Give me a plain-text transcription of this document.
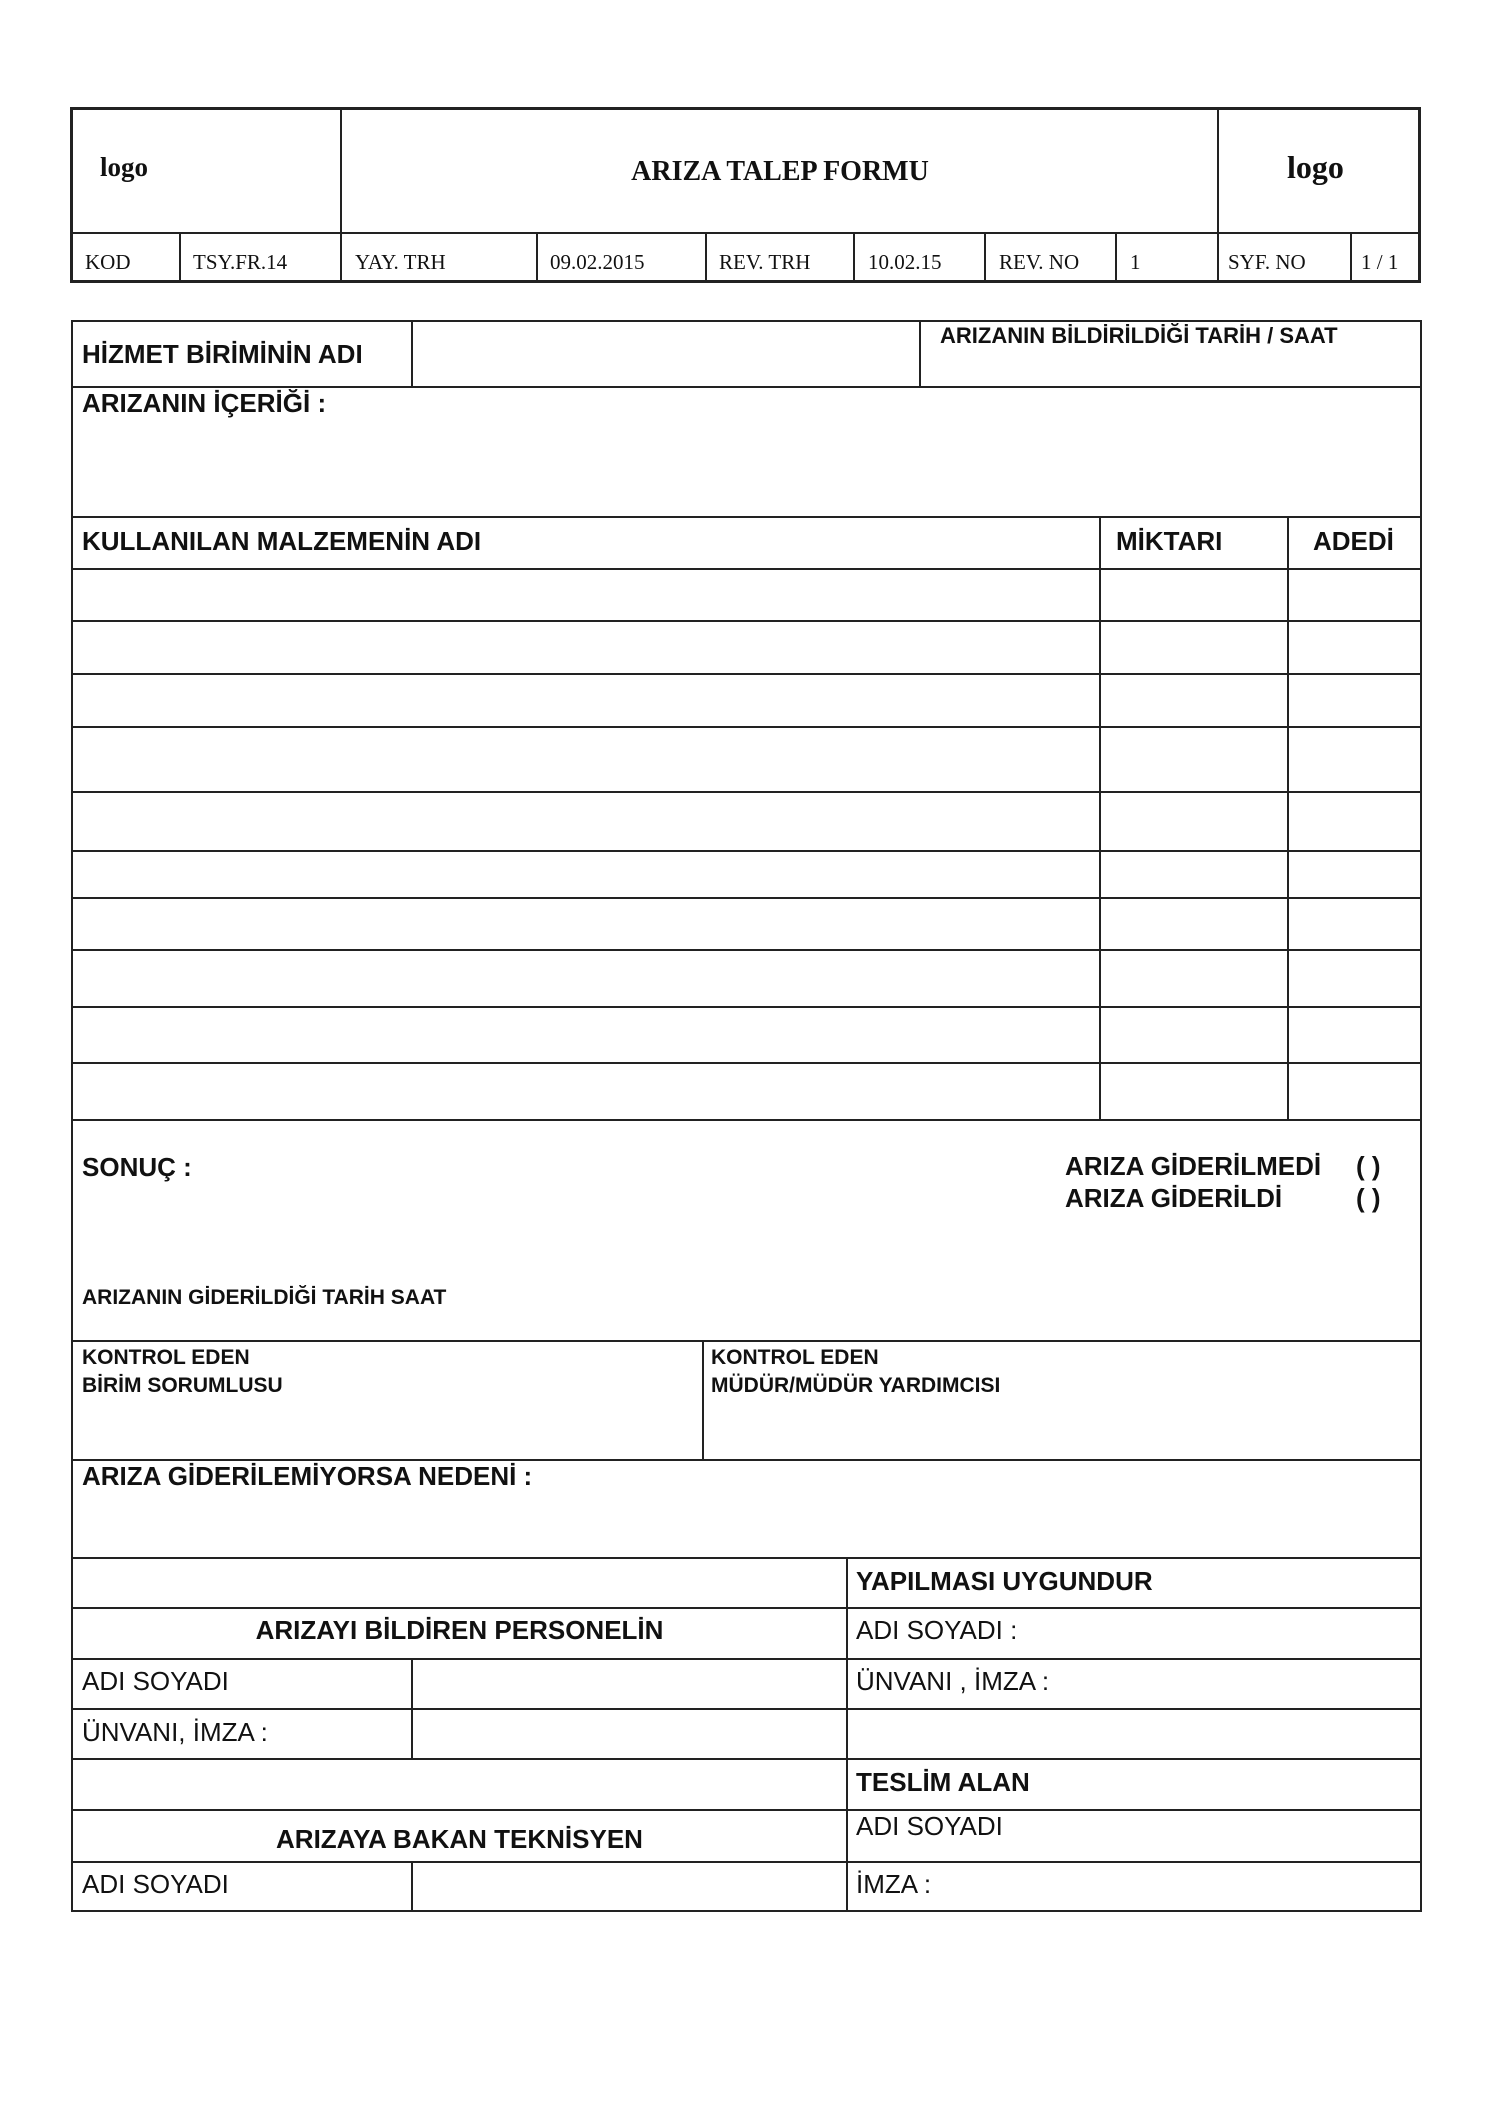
logo	ARIZA TALEP FORMU	logo
KOD	TSY.FR.14	YAY. TRH	09.02.2015	REV. TRH	10.02.15	REV. NO 1	SYF. NO	1 / 1
HİZMET BİRİMİNİN ADI
ARIZANIN BİLDİRİLDİĞİ TARİH / SAAT
ARIZANIN İÇERİĞİ :
KULLANILAN MALZEMENİN ADI	MİKTARI	ADEDİ
SONUÇ :	ARIZA GİDERİLMEDİ ( )
ARIZA GİDERİLDİ	( )
ARIZANIN GİDERİLDİĞİ TARİH SAAT
KONTROL EDEN
BİRİM SORUMLUSU
KONTROL EDEN
MÜDÜR/MÜDÜR YARDIMCISI
ARIZA GİDERİLEMİYORSA NEDENİ :
YAPILMASI UYGUNDUR
ARIZAYI BİLDİREN PERSONELİN	ADI SOYADI :
ADI SOYADI	ÜNVANI , İMZA :
ÜNVANI, İMZA :
TESLİM ALAN
ARIZAYA BAKAN TEKNİSYEN	ADI SOYADI
ADI SOYADI	İMZA :
